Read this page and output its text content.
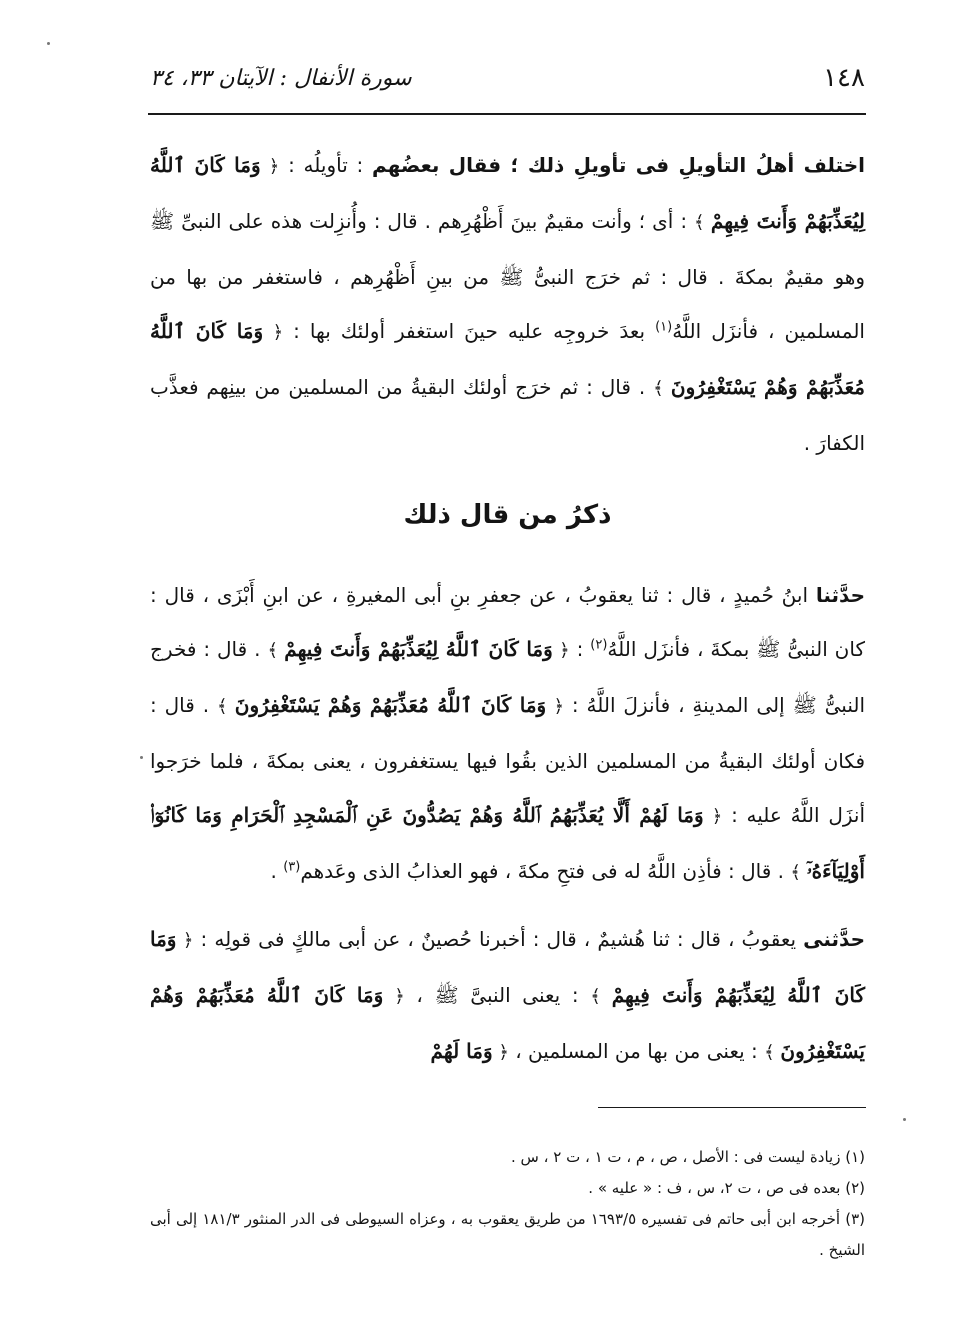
١٤٨
سورة الأنفال : الآيتان ٣٣، ٣٤

اختلف أهلُ التأويلِ فى تأويلِ ذلك ؛ فقال بعضُهم : تأويلُه : ﴿ وَمَا كَانَ ٱللَّهُ لِيُعَذِّبَهُمْ وَأَنتَ فِيهِمْ ﴾ : أى ؛ وأنت مقيمٌ بينَ أَظْهُرِهم . قال : وأُنزِلت هذه على النبىِّ ﷺ وهو مقيمٌ بمكةَ . قال : ثم خرَج النبىُّ ﷺ من بينِ أَظْهُرِهم ، فاستغفر من بها من المسلمين ، فأنزَل اللَّهُ$^{(١)}$ بعدَ خروجِه عليه حينَ استغفر أولئك بها : ﴿ وَمَا كَانَ ٱللَّهُ مُعَذِّبَهُمْ وَهُمْ يَسْتَغْفِرُونَ ﴾ . قال : ثم خرَج أولئك البقيةُ من المسلمين من بينِهم فعذَّب الكفارَ .

ذكرُ من قال ذلك

حدَّثنا ابنُ حُميدٍ ، قال : ثنا يعقوبُ ، عن جعفرِ بنِ أبى المغيرةِ ، عن ابنِ أَبْزَى ، قال : كان النبىُّ ﷺ بمكةَ ، فأنزَل اللَّهُ$^{(٢)}$ : ﴿ وَمَا كَانَ ٱللَّهُ لِيُعَذِّبَهُمْ وَأَنتَ فِيهِمْ ﴾ . قال : فخرج النبىُّ ﷺ إلى المدينةِ ، فأنزلَ اللَّهُ : ﴿ وَمَا كَانَ ٱللَّهُ مُعَذِّبَهُمْ وَهُمْ يَسْتَغْفِرُونَ ﴾ . قال : فكان أولئك البقيةُ من المسلمين الذين بقُوا فيها يستغفرون ، يعنى بمكةَ ، فلما خرَجوا أنزَل اللَّهُ عليه : ﴿ وَمَا لَهُمْ أَلَّا يُعَذِّبَهُمُ ٱللَّهُ وَهُمْ يَصُدُّونَ عَنِ ٱلْمَسْجِدِ ٱلْحَرَامِ وَمَا كَانُوٓا۟ أَوْلِيَآءَهُۥٓ ﴾ . قال : فأذِن اللَّهُ له فى فتحِ مكةَ ، فهو العذابُ الذى وعَدهم$^{(٣)}$ .

حدَّثنى يعقوبُ ، قال : ثنا هُشيمٌ ، قال : أخبرنا حُصينٌ ، عن أبى مالكٍ فى قولِه : ﴿ وَمَا كَانَ ٱللَّهُ لِيُعَذِّبَهُمْ وَأَنتَ فِيهِمْ ﴾ : يعنى النبىَّ ﷺ ، ﴿ وَمَا كَانَ ٱللَّهُ مُعَذِّبَهُمْ وَهُمْ يَسْتَغْفِرُونَ ﴾ : يعنى من بها من المسلمين ، ﴿ وَمَا لَهُمْ

(١) زيادة ليست فى : الأصل ، ص ، م ، ت ١ ، ت ٢ ، س .
(٢) بعده فى ص ، ت ٢، س ، ف : « عليه » .
(٣) أخرجه ابن أبى حاتم فى تفسيره ١٦٩٣/٥ من طريق يعقوب به ، وعزاه السيوطى فى الدر المنثور ١٨١/٣ إلى أبى الشيخ .
